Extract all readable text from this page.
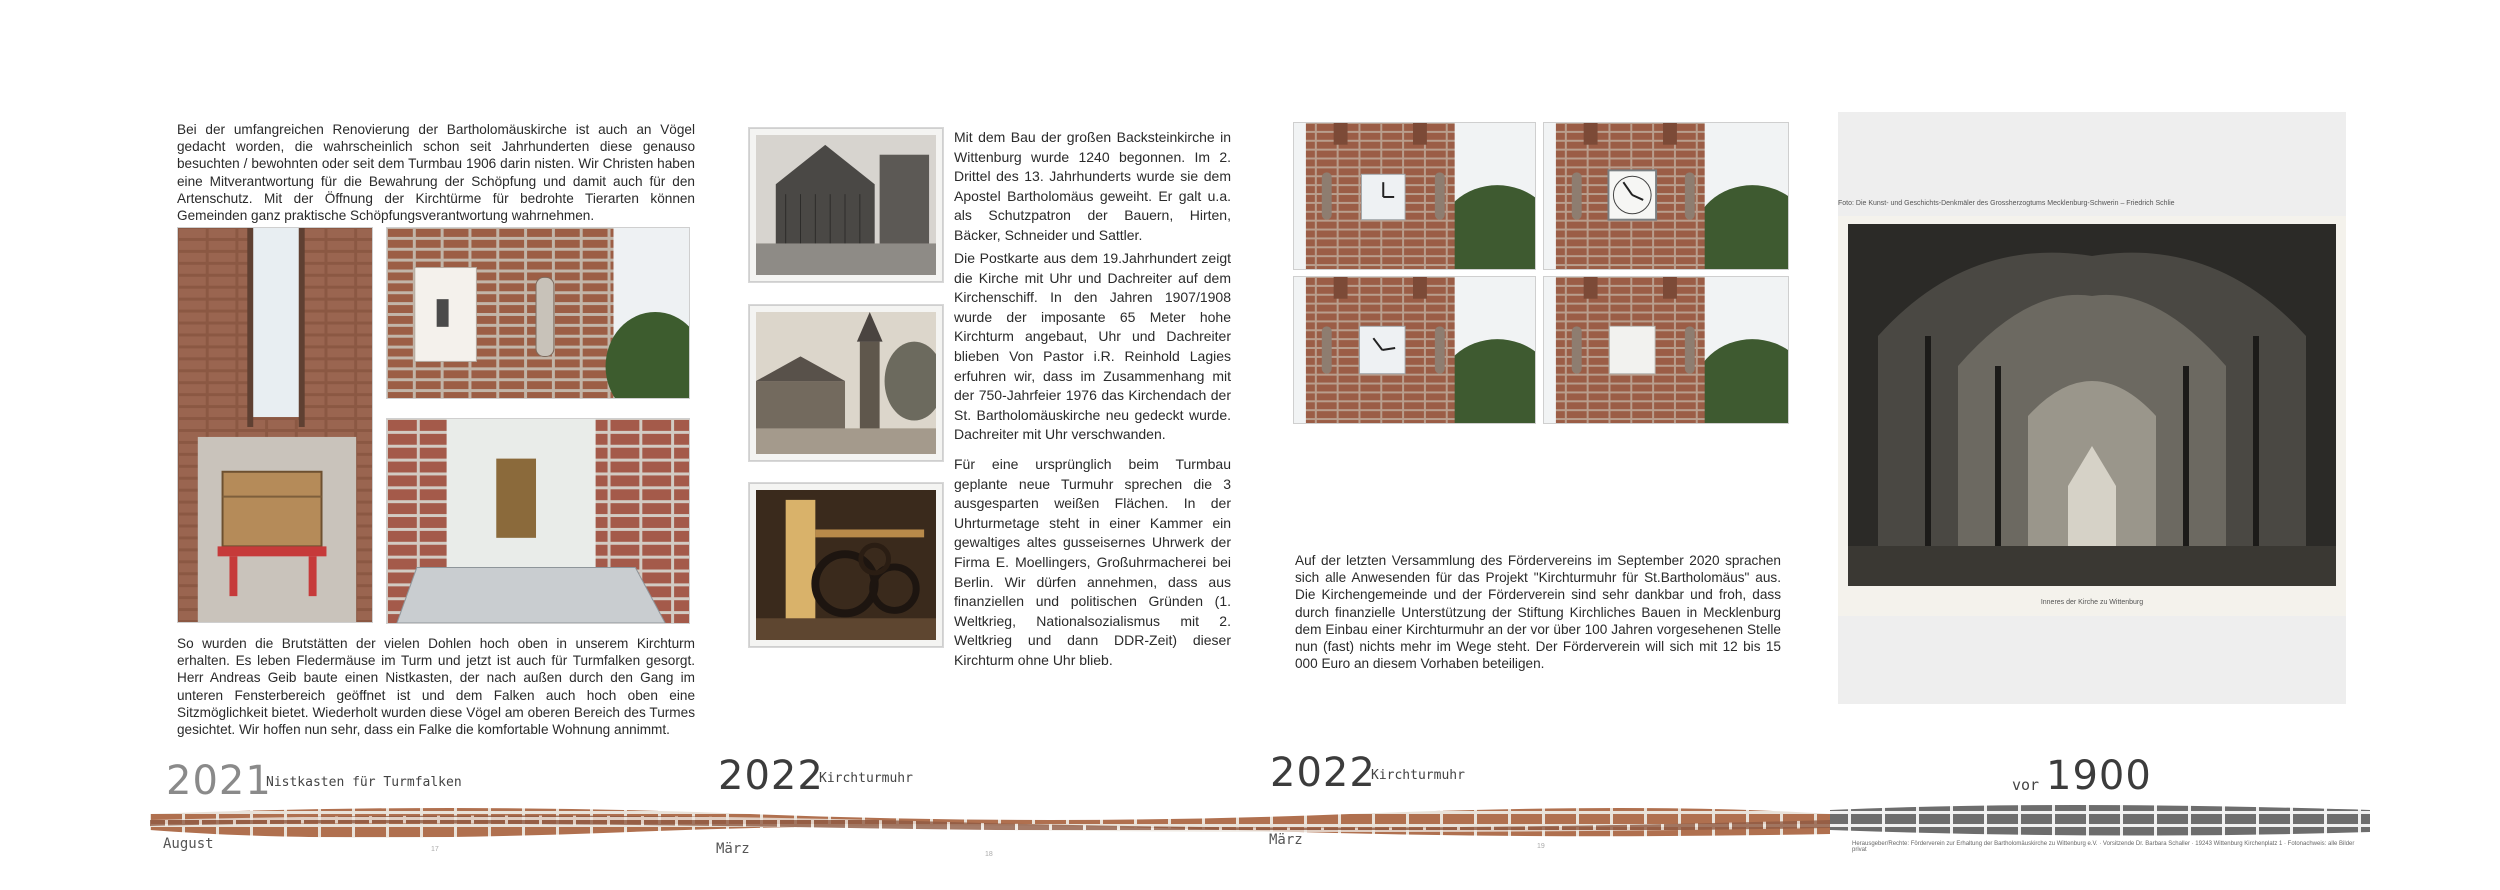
Bei der umfangreichen Renovierung der Bartholomäuskirche ist auch an Vögel gedacht worden, die wahrscheinlich schon seit Jahrhunderten diese genauso besuchten / bewohnten oder seit dem Turmbau 1906 darin nisten. Wir Christen haben eine Mitverantwortung für die Bewahrung der Schöpfung und damit auch für den Artenschutz. Mit der Öffnung der Kirchtürme für bedrohte Tierarten können Gemeinden ganz praktische Schöpfungsverantwortung wahrnehmen.
So wurden die Brutstätten der vielen Dohlen hoch oben in unserem Kirchturm erhalten. Es leben Fledermäuse im Turm und jetzt ist auch für Turmfalken gesorgt. Herr Andreas Geib baute einen Nistkasten, der nach außen durch den Gang im unteren Fensterbereich geöffnet ist und dem Falken auch hoch oben eine Sitzmöglichkeit bietet. Wiederholt wurden diese Vögel am oberen Bereich des Turmes gesichtet. Wir hoffen nun sehr, dass ein Falke die komfortable Wohnung annimmt.
Mit dem Bau der großen Backsteinkirche in Wittenburg wurde 1240 begonnen. Im 2. Drittel des 13. Jahrhunderts wurde sie dem Apostel Bartholomäus geweiht. Er galt u.a. als Schutzpatron der Bauern, Hirten, Bäcker, Schneider und Sattler.
Die Postkarte aus dem 19.Jahrhundert zeigt die Kirche mit Uhr und Dachreiter auf dem Kirchenschiff. In den Jahren 1907/1908 wurde der imposante 65 Meter hohe Kirchturm angebaut, Uhr und Dachreiter blieben Von Pastor i.R. Reinhold Lagies erfuhren wir, dass im Zusammenhang mit der 750-Jahrfeier 1976 das Kirchendach der St. Bartholomäuskirche neu gedeckt wurde. Dachreiter mit Uhr verschwanden.
Für eine ursprünglich beim Turmbau geplante neue Turmuhr sprechen die 3 ausgesparten weißen Flächen. In der Uhrturmetage steht in einer Kammer ein gewaltiges altes gusseisernes Uhrwerk der Firma E. Moellingers, Großuhrmacherei bei Berlin. Wir dürfen annehmen, dass aus finanziellen und politischen Gründen (1. Weltkrieg, Nationalsozialismus mit 2. Weltkrieg und dann DDR-Zeit) dieser Kirchturm ohne Uhr blieb.
Auf der letzten Versammlung des Fördervereins im September 2020 sprachen sich alle Anwesenden für das Projekt "Kirchturmuhr für St.Bartholomäus" aus. Die Kirchengemeinde und der Förderverein sind sehr dankbar und froh, dass durch finanzielle Unterstützung der Stiftung Kirchliches Bauen in Mecklenburg dem Einbau einer Kirchturmuhr an der vor über 100 Jahren vorgesehenen Stelle nun (fast) nichts mehr im Wege steht. Der Förderverein will sich mit 12 bis 15 000 Euro an diesem Vorhaben beteiligen.
Foto: Die Kunst- und Geschichts-Denkmäler des Grossherzogtums Mecklenburg-Schwerin – Friedrich Schlie
Inneres der Kirche zu Wittenburg
2021
Nistkasten für Turmfalken
August	17
2022
Kirchturmuhr
März	18
2022
Kirchturmuhr
März	19
vor 1900
Herausgeber/Rechte: Förderverein zur Erhaltung der Bartholomäuskirche zu Wittenburg e.V. · Vorsitzende Dr. Barbara Schaller · 19243 Wittenburg Kirchenplatz 1 · Fotonachweis: alle Bilder privat
